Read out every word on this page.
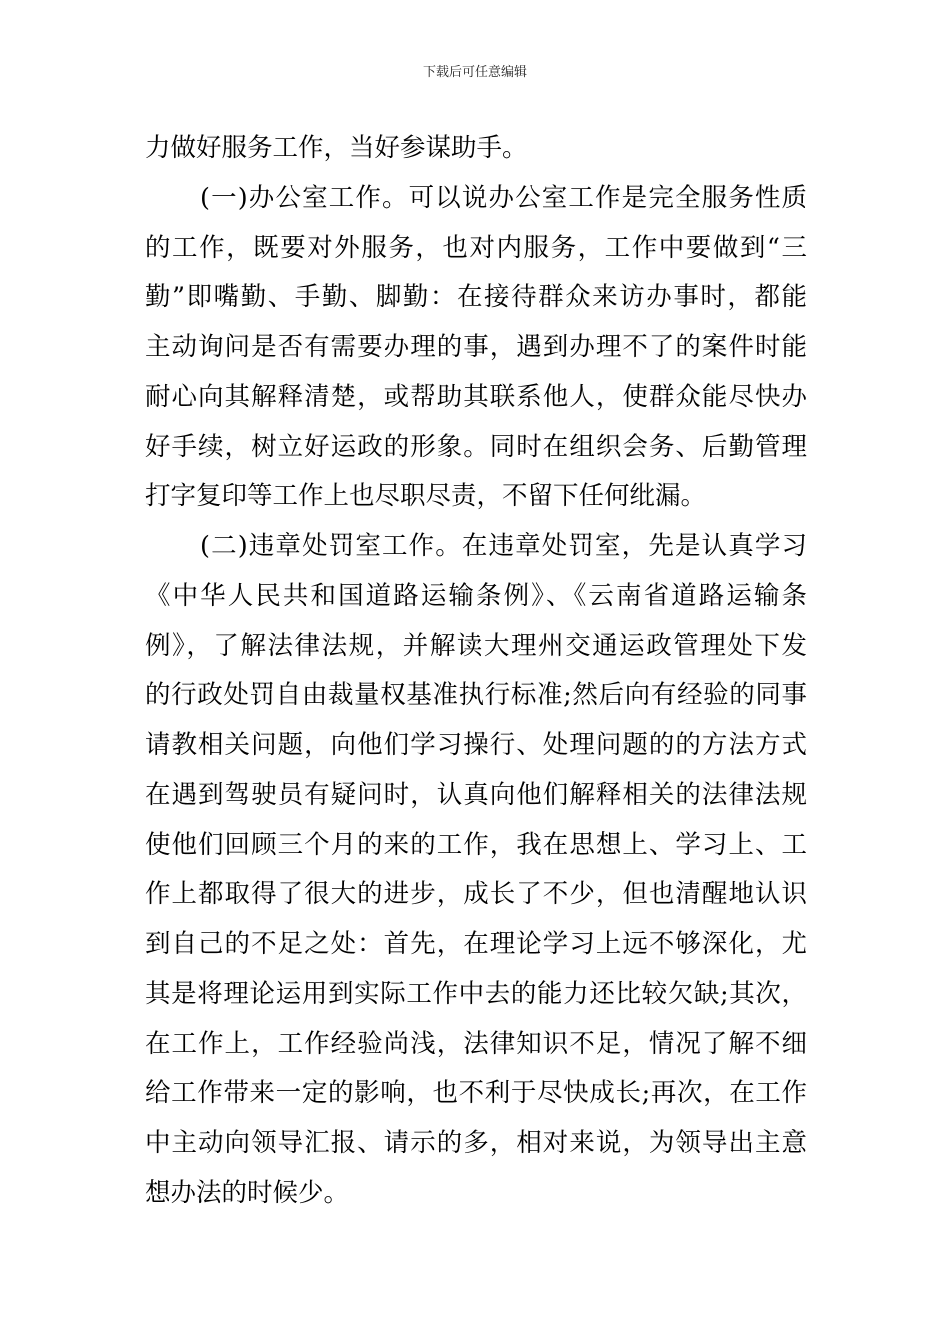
下载后可任意编辑
力做好服务工作，当好参谋助手。
(一)办公室工作。可以说办公室工作是完全服务性质
的工作，既要对外服务，也对内服务，工作中要做到“三
勤”即嘴勤、手勤、脚勤：在接待群众来访办事时，都能
主动询问是否有需要办理的事，遇到办理不了的案件时能
耐心向其解释清楚，或帮助其联系他人，使群众能尽快办
好手续，树立好运政的形象。同时在组织会务、后勤管理
打字复印等工作上也尽职尽责，不留下任何纰漏。
(二)违章处罚室工作。在违章处罚室，先是认真学习
《中华人民共和国道路运输条例》、《云南省道路运输条
例》，了解法律法规，并解读大理州交通运政管理处下发
的行政处罚自由裁量权基准执行标准;然后向有经验的同事
请教相关问题，向他们学习操行、处理问题的的方法方式
在遇到驾驶员有疑问时，认真向他们解释相关的法律法规
使他们回顾三个月的来的工作，我在思想上、学习上、工
作上都取得了很大的进步，成长了不少，但也清醒地认识
到自己的不足之处：首先，在理论学习上远不够深化，尤
其是将理论运用到实际工作中去的能力还比较欠缺;其次，
在工作上，工作经验尚浅，法律知识不足，情况了解不细
给工作带来一定的影响，也不利于尽快成长;再次，在工作
中主动向领导汇报、请示的多，相对来说，为领导出主意
想办法的时候少。
